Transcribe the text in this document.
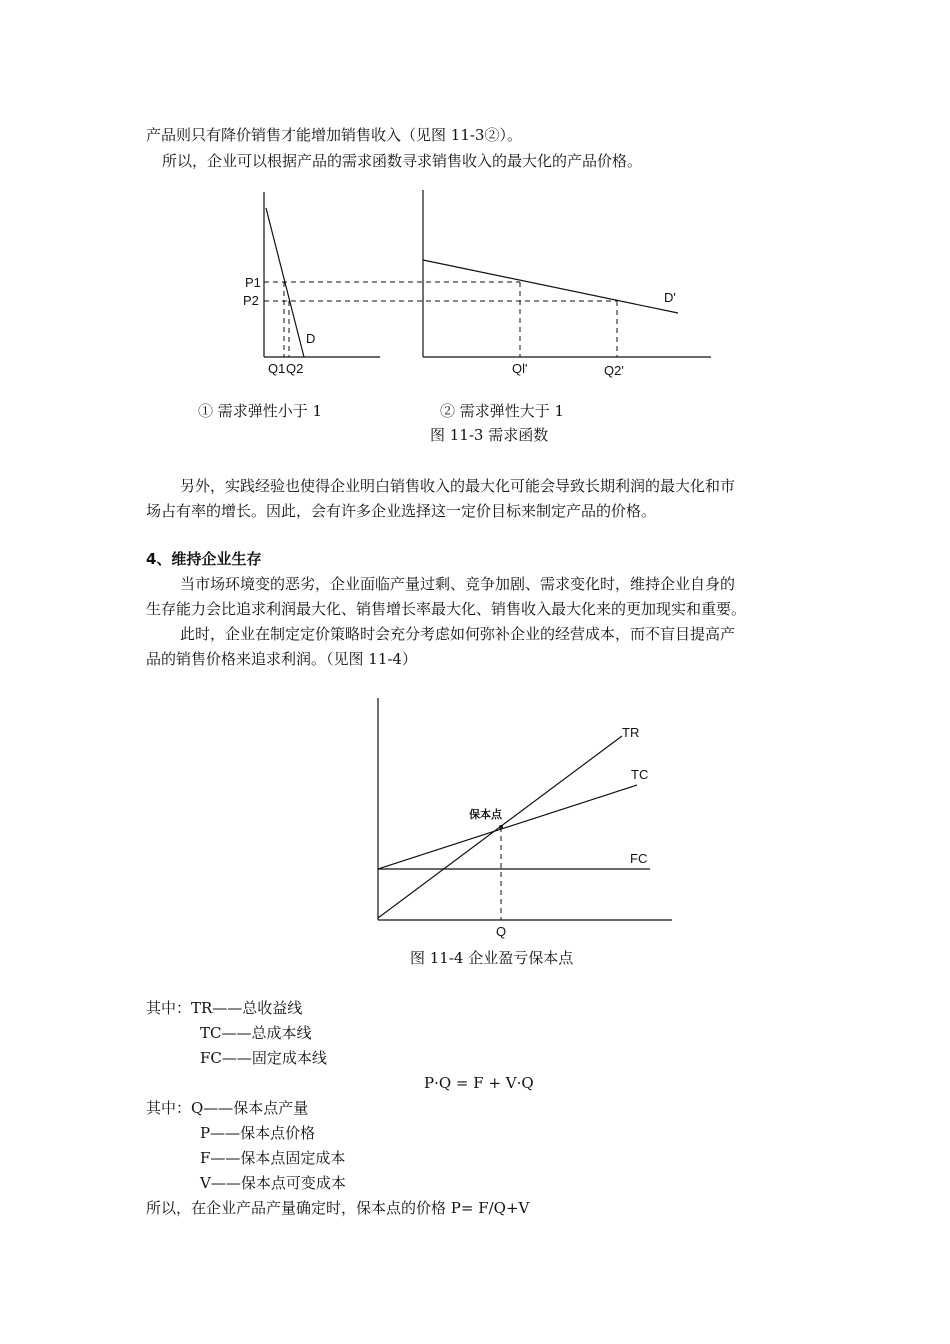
产品则只有降价销售才能增加销售收入（见图 11-3②）。
所以，企业可以根据产品的需求函数寻求销售收入的最大化的产品价格。
P1
P2
D
Q1 Q2
D'
Ql'	Q2'
① 需求弹性小于 1	② 需求弹性大于 1
图 11-3 需求函数
另外，实践经验也使得企业明白销售收入的最大化可能会导致长期利润的最大化和市
场占有率的增长。因此，会有许多企业选择这一定价目标来制定产品的价格。
4、维持企业生存
当市场环境变的恶劣，企业面临产量过剩、竞争加剧、需求变化时，维持企业自身的
生存能力会比追求利润最大化、销售增长率最大化、销售收入最大化来的更加现实和重要。
此时，企业在制定定价策略时会充分考虑如何弥补企业的经营成本，而不盲目提高产
品的销售价格来追求利润。（见图 11-4）
TR
TC
FC
保本点
Q
图 11-4 企业盈亏保本点
其中：TR——总收益线
TC——总成本线
FC——固定成本线
P·Q = F + V·Q
其中：Q——保本点产量
P——保本点价格
F——保本点固定成本
V——保本点可变成本
所以，在企业产品产量确定时，保本点的价格 P= F/Q+V
